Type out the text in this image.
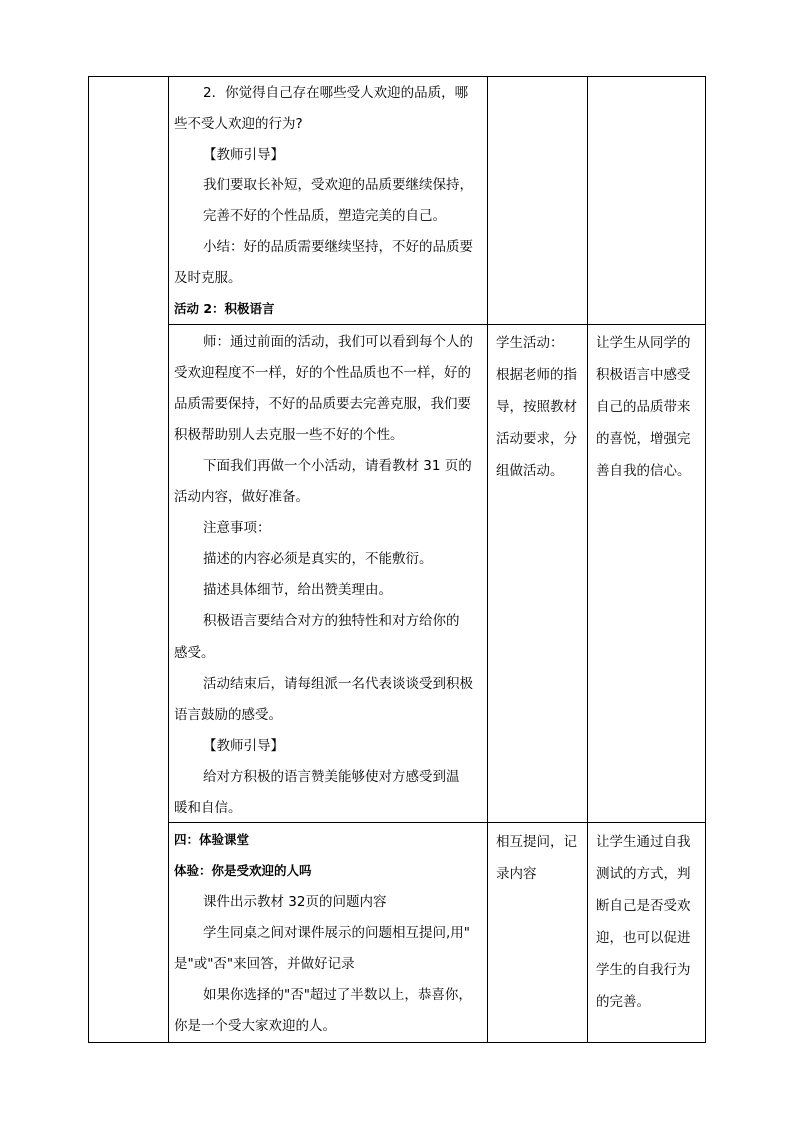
2．你觉得自己存在哪些受人欢迎的品质，哪
些不受人欢迎的行为?
【教师引导】
我们要取长补短，受欢迎的品质要继续保持，
完善不好的个性品质，塑造完美的自己。
小结：好的品质需要继续坚持，不好的品质要
及时克服。
活动 2：积极语言
师：通过前面的活动，我们可以看到每个人的
受欢迎程度不一样，好的个性品质也不一样，好的
品质需要保持，不好的品质要去完善克服，我们要
积极帮助别人去克服一些不好的个性。
下面我们再做一个小活动，请看教材 31 页的
活动内容，做好准备。
注意事项：
描述的内容必须是真实的，不能敷衍。
描述具体细节，给出赞美理由。
积极语言要结合对方的独特性和对方给你的
感受。
活动结束后，请每组派一名代表谈谈受到积极
语言鼓励的感受。
【教师引导】
给对方积极的语言赞美能够使对方感受到温
暖和自信。
四：体验课堂
体验：你是受欢迎的人吗
课件出示教材 32页的问题内容
学生同桌之间对课件展示的问题相互提问,用"
是"或"否"来回答，并做好记录
如果你选择的"否"超过了半数以上，恭喜你，
你是一个受大家欢迎的人。
学生活动：
根据老师的指
导，按照教材
活动要求，分
组做活动。
相互提问，记
录内容
让学生从同学的
积极语言中感受
自己的品质带来
的喜悦，增强完
善自我的信心。
让学生通过自我
测试的方式，判
断自己是否受欢
迎，也可以促进
学生的自我行为
的完善。
